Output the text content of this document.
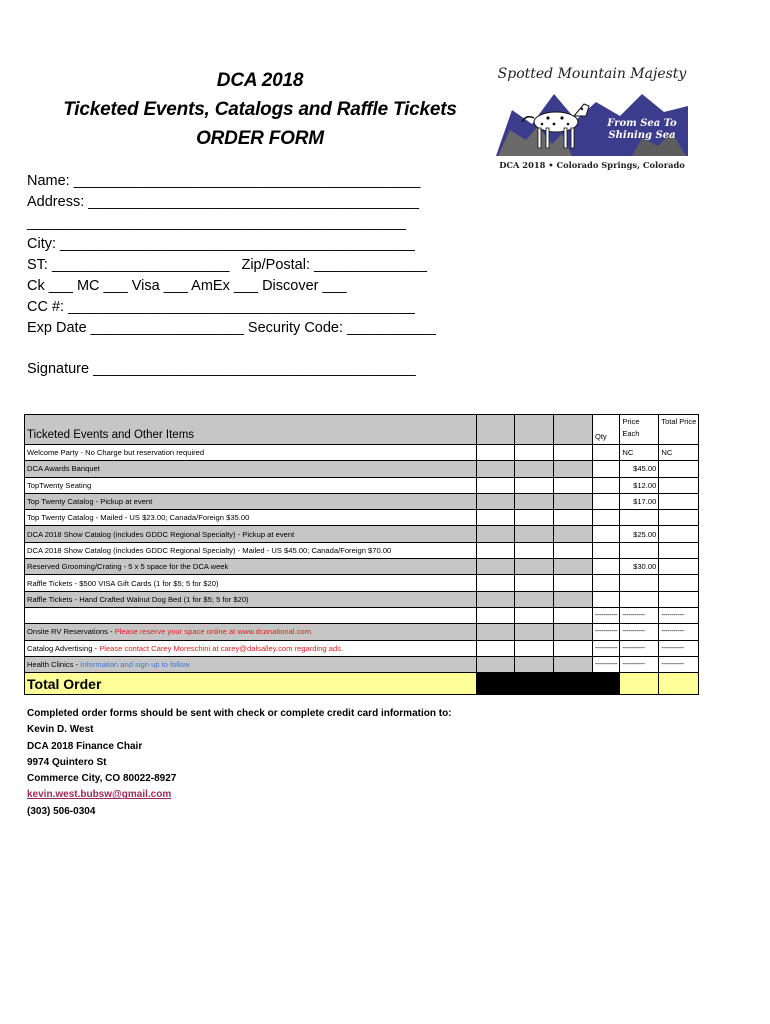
DCA 2018
Ticketed Events, Catalogs and Raffle Tickets
ORDER FORM
Spotted Mountain Majesty
From Sea To
Shining Sea
DCA 2018 • Colorado Springs, Colorado
Name: ___________________________________________
Address: _________________________________________
_______________________________________________
City: ____________________________________________
ST: ______________________   Zip/Postal: ______________
Ck ___ MC ___ Visa ___ AmEx ___ Discover ___
CC #: ___________________________________________
Exp Date ___________________ Security Code: ___________
Signature ________________________________________
Ticketed Events and Other Items				Qty	Price Each	Total Price
Welcome Party - No Charge but reservation required					NC	NC
DCA Awards Banquet					$45.00	
TopTwenty Seating					$12.00	
Top Twenty Catalog - Pickup at event					$17.00	
Top Twenty Catalog - Mailed - US $23.00; Canada/Foreign $35.00						
DCA 2018 Show Catalog (includes GDDC Regional Specialty) - Pickup at event					$25.00	
DCA 2018 Show Catalog (includes GDDC Regional Specialty) - Mailed - US $45.00; Canada/Foreign $70.00						
Reserved Grooming/Crating - 5 x 5 space for the DCA week					$30.00	
Raffle Tickets - $500 VISA Gift Cards (1 for $5; 5 for $20)						
Raffle Tickets - Hand Crafted Walnut Dog Bed (1 for $5; 5 for $20)						
				-----------	-----------	-----------
Onsite RV Reservations - Please reserve your space online at www.dcanational.com.				-----------	-----------	-----------
Catalog Advertising - Please contact Carey Moreschini at carey@dalsalley.com regarding ads.				-----------	-----------	-----------
Health Clinics - Information and sign up to follow				-----------	-----------	-----------
Total Order						
Completed order forms should be sent with check or complete credit card information to:
Kevin D. West
DCA 2018 Finance Chair
9974 Quintero St
Commerce City, CO 80022-8927
kevin.west.bubsw@gmail.com
(303) 506-0304
